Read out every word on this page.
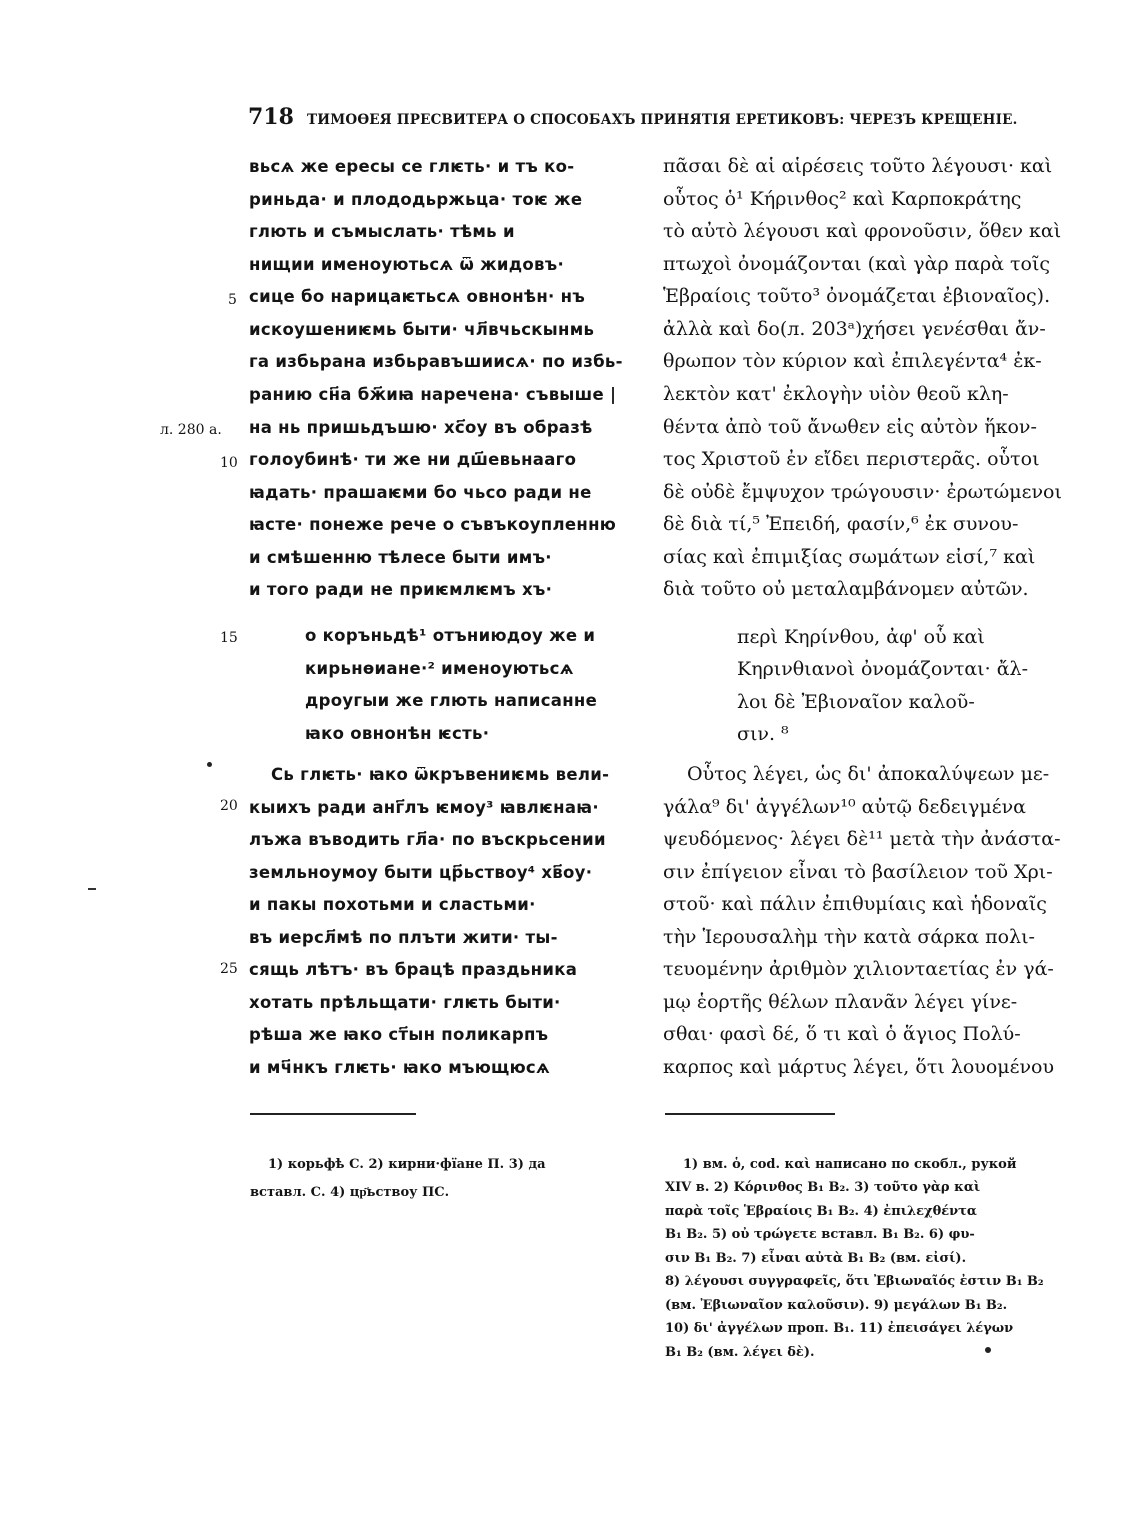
718 ТИМОѲЕЯ ПРЕСВИТЕРА О СПОСОБАХЪ ПРИНЯТІЯ ЕРЕТИКОВЪ: ЧЕРЕЗЪ КРЕЩЕНІЕ.
вьсѧ же ересы се глѥть· и тъ ко-
риньда· и плододьржьца· тоѥ же
глють и съмыслать· тѣмь и
нищии именоуютьсѧ ѿ жидовъ·
сице бо нарицаѥтьсѧ овнонѣн· нъ
искоушениѥмь быти· чл҃вчьскынмь
га избьрана избьравъшиисѧ· по избь-
ранию сн҃а бж҃иꙗ наречена· съвыше |
на нь пришьдъшю· хс҃оу въ образѣ
голоубинѣ· ти же ни дш҃евьнааго
ꙗдать· прашаѥми бо чьсо ради не
ꙗсте· понеже рече о съвъкоупленню
и смѣшенню тѣлесе быти имъ·
и того ради не приѥмлѥмъ хъ·
о коръньдѣ¹ отъниюдоу же и
кирьнѳиане·² именоуютьсѧ
дроугыи же глють написанне
ꙗко овнонѣн ѥсть·
Сь глѥть· ꙗко ѿкръвениѥмь вели-
кыихъ ради анг҃лъ ѥмоу³ ꙗвлѥнаꙗ·
лъжа въводить гл҃а· по въскрьсении
земльноумоу быти цр҃ьствоу⁴ хв҃оу·
и пакы похотьми и сластьми·
въ иерсл҃мѣ по плъти жити· ты-
сящь лѣтъ· въ брацѣ праздьника
хотать прѣльщати· глѥть быти·
рѣша же ꙗко ст҃ын поликарпъ
и мч҃нкъ глѥть· ꙗко мъющюсѧ
5
10
15
20
25
л. 280 а.
πᾶσαι δὲ αἱ αἱρέσεις τοῦτο λέγουσι· καὶ
οὗτος ὁ¹ Κήρινθος² καὶ Καρποκράτης
τὸ αὐτὸ λέγουσι καὶ φρονοῦσιν, ὅθεν καὶ
πτωχοὶ ὀνομάζονται (καὶ γὰρ παρὰ τοῖς
Ἑβραίοις τοῦτο³ ὀνομάζεται ἐβιοναῖος).
ἀλλὰ καὶ δο(л. 203ᵃ)χήσει γενέσθαι ἄν-
θρωπον τὸν κύριον καὶ ἐπιλεγέντα⁴ ἐκ-
λεκτὸν κατ' ἐκλογὴν υἱὸν θεοῦ κλη-
θέντα ἀπὸ τοῦ ἄνωθεν εἰς αὐτὸν ἥκον-
τος Χριστοῦ ἐν εἴδει περιστερᾶς. οὗτοι
δὲ οὐδὲ ἔμψυχον τρώγουσιν· ἐρωτώμενοι
δὲ διὰ τί,⁵ Ἐπειδή, φασίν,⁶ ἐκ συνου-
σίας καὶ ἐπιμιξίας σωμάτων εἰσί,⁷ καὶ
διὰ τοῦτο οὐ μεταλαμβάνομεν αὐτῶν.
περὶ Κηρίνθου, ἀφ' οὗ καὶ
Κηρινθιανοὶ ὀνομάζονται· ἄλ-
λοι δὲ Ἐβιοναῖον καλοῦ-
σιν. ⁸
Οὗτος λέγει, ὡς δι' ἀποκαλύψεων με-
γάλα⁹ δι' ἀγγέλων¹⁰ αὐτῷ δεδειγμένα
ψευδόμενος· λέγει δὲ¹¹ μετὰ τὴν ἀνάστα-
σιν ἐπίγειον εἶναι τὸ βασίλειον τοῦ Χρι-
στοῦ· καὶ πάλιν ἐπιθυμίαις καὶ ἡδοναῖς
τὴν Ἱερουσαλὴμ τὴν κατὰ σάρκα πολι-
τευομένην ἀριθμὸν χιλιονταετίας ἐν γά-
μῳ ἑορτῆς θέλων πλανᾶν λέγει γίνε-
σθαι· φασὶ δέ, ὅ τι καὶ ὁ ἅγιος Πολύ-
καρπος καὶ μάρτυς λέγει, ὅτι λουομένου
1) корьфѣ С. 2) кирни·фїане П. 3) да
вставл. С. 4) цр҃ьствоу ПС.
1) вм. ὁ, cod. καὶ написано по скобл., рукой
XIV в. 2) Κόρινθος B₁ B₂. 3) τοῦτο γὰρ καὶ
παρὰ τοῖς Ἑβραίοις B₁ B₂. 4) ἐπιλεχθέντα
B₁ B₂. 5) οὐ τρώγετε вставл. B₁ B₂. 6) φυ-
σιν B₁ B₂. 7) εἶναι αὐτὰ B₁ B₂ (вм. εἰσί).
8) λέγουσι συγγραφεῖς, ὅτι Ἐβιωναῖός ἐστιν B₁ B₂
(вм. Ἐβιωναῖον καλοῦσιν). 9) μεγάλων B₁ B₂.
10) δι' ἀγγέλων проп. B₁. 11) ἐπεισάγει λέγων
B₁ B₂ (вм. λέγει δὲ).
